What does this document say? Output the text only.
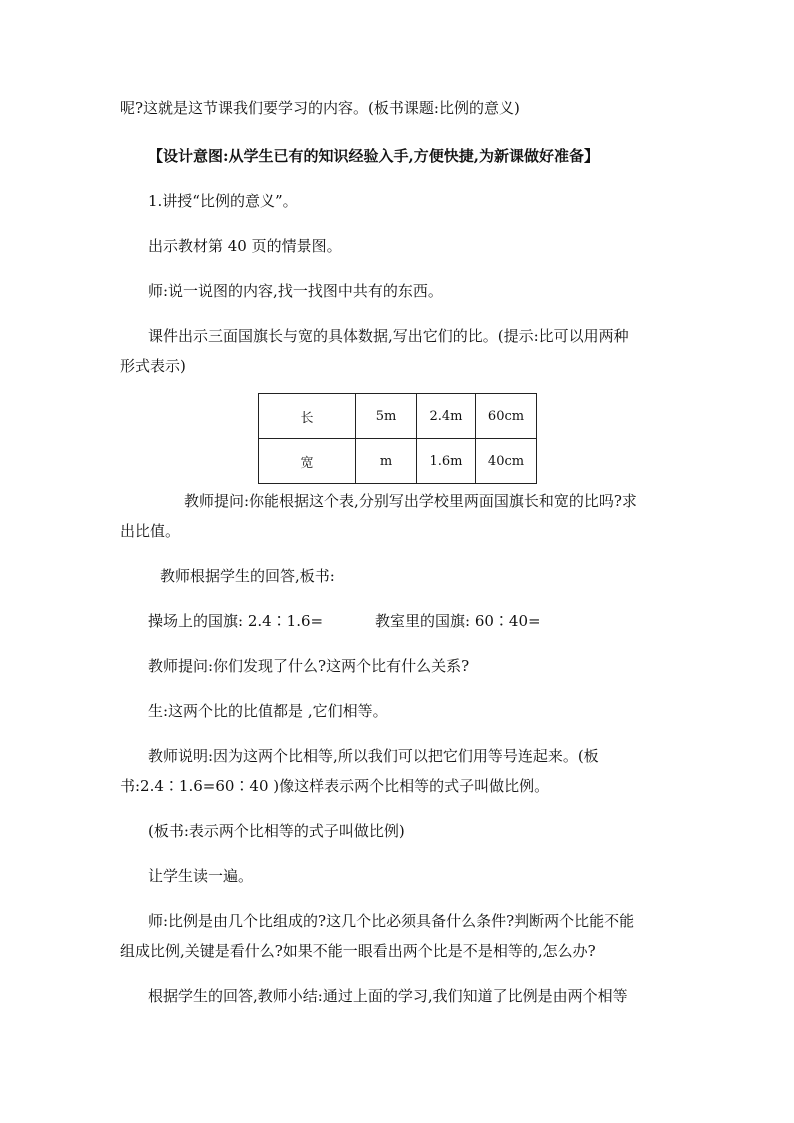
呢?这就是这节课我们要学习的内容。(板书课题:比例的意义)

【设计意图:从学生已有的知识经验入手,方便快捷,为新课做好准备】

1.讲授“比例的意义”。

出示教材第 40 页的情景图。

师:说一说图的内容,找一找图中共有的东西。

课件出示三面国旗长与宽的具体数据,写出它们的比。(提示:比可以用两种

形式表示)

长	5m	2.4m	60cm
宽	m	1.6m	40cm

教师提问:你能根据这个表,分别写出学校里两面国旗长和宽的比吗?求

出比值。

教师根据学生的回答,板书:

操场上的国旗: 2.4∶1.6=	教室里的国旗: 60∶40=

教师提问:你们发现了什么?这两个比有什么关系?

生:这两个比的比值都是 ,它们相等。

教师说明:因为这两个比相等,所以我们可以把它们用等号连起来。(板

书:2.4∶1.6=60∶40 )像这样表示两个比相等的式子叫做比例。

(板书:表示两个比相等的式子叫做比例)

让学生读一遍。

师:比例是由几个比组成的?这几个比必须具备什么条件?判断两个比能不能

组成比例,关键是看什么?如果不能一眼看出两个比是不是相等的,怎么办?

根据学生的回答,教师小结:通过上面的学习,我们知道了比例是由两个相等
